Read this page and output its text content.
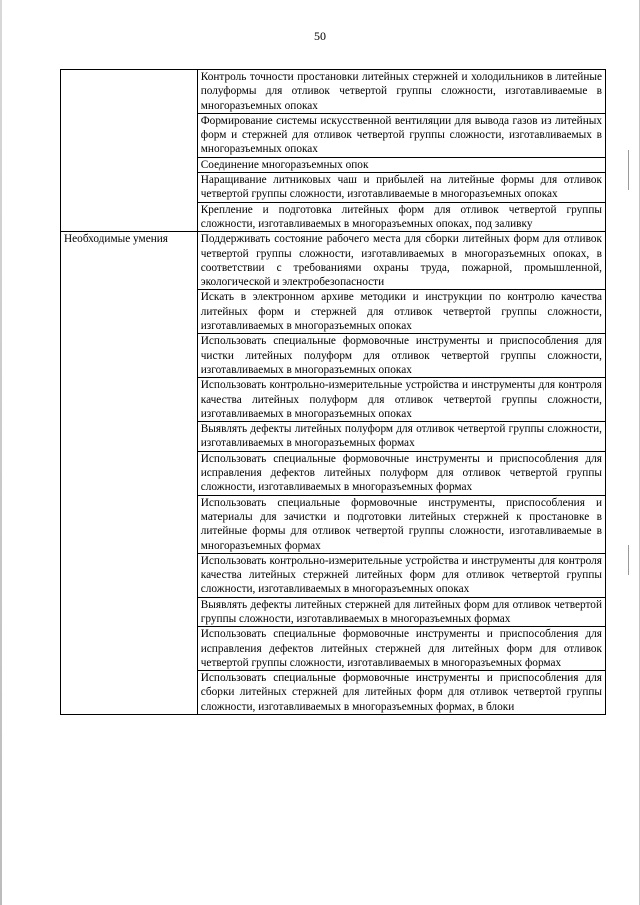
50
	Контроль точности простановки литейных стержней и холодильников в литейные полуформы для отливок четвертой группы сложности, изготавливаемые в многоразъемных опоках
	Формирование системы искусственной вентиляции для вывода газов из литейных форм и стержней для отливок четвертой группы сложности, изготавливаемых в многоразъемных опоках
	Соединение многоразъемных опок
	Наращивание литниковых чаш и прибылей на литейные формы для отливок четвертой группы сложности, изготавливаемые в многоразъемных опоках
	Крепление и подготовка литейных форм для отливок четвертой группы сложности, изготавливаемых в многоразъемных опоках, под заливку
Необходимые умения	Поддерживать состояние рабочего места для сборки литейных форм для отливок четвертой группы сложности, изготавливаемых в многоразъемных опоках, в соответствии с требованиями охраны труда, пожарной, промышленной, экологической и электробезопасности
	Искать в электронном архиве методики и инструкции по контролю качества литейных форм и стержней для отливок четвертой группы сложности, изготавливаемых в многоразъемных опоках
	Использовать специальные формовочные инструменты и приспособления для чистки литейных полуформ для отливок четвертой группы сложности, изготавливаемых в многоразъемных опоках
	Использовать контрольно-измерительные устройства и инструменты для контроля качества литейных полуформ для отливок четвертой группы сложности, изготавливаемых в многоразъемных опоках
	Выявлять дефекты литейных полуформ для отливок четвертой группы сложности, изготавливаемых в многоразъемных формах
	Использовать специальные формовочные инструменты и приспособления для исправления дефектов литейных полуформ для отливок четвертой группы сложности, изготавливаемых в многоразъемных формах
	Использовать специальные формовочные инструменты, приспособления и материалы для зачистки и подготовки литейных стержней к простановке в литейные формы для отливок четвертой группы сложности, изготавливаемые в многоразъемных формах
	Использовать контрольно-измерительные устройства и инструменты для контроля качества литейных стержней литейных форм для отливок четвертой группы сложности, изготавливаемых в многоразъемных опоках
	Выявлять дефекты литейных стержней для литейных форм для отливок четвертой группы сложности, изготавливаемых в многоразъемных формах
	Использовать специальные формовочные инструменты и приспособления для исправления дефектов литейных стержней для литейных форм для отливок четвертой группы сложности, изготавливаемых в многоразъемных формах
	Использовать специальные формовочные инструменты и приспособления для сборки литейных стержней для литейных форм для отливок четвертой группы сложности, изготавливаемых в многоразъемных формах, в блоки
